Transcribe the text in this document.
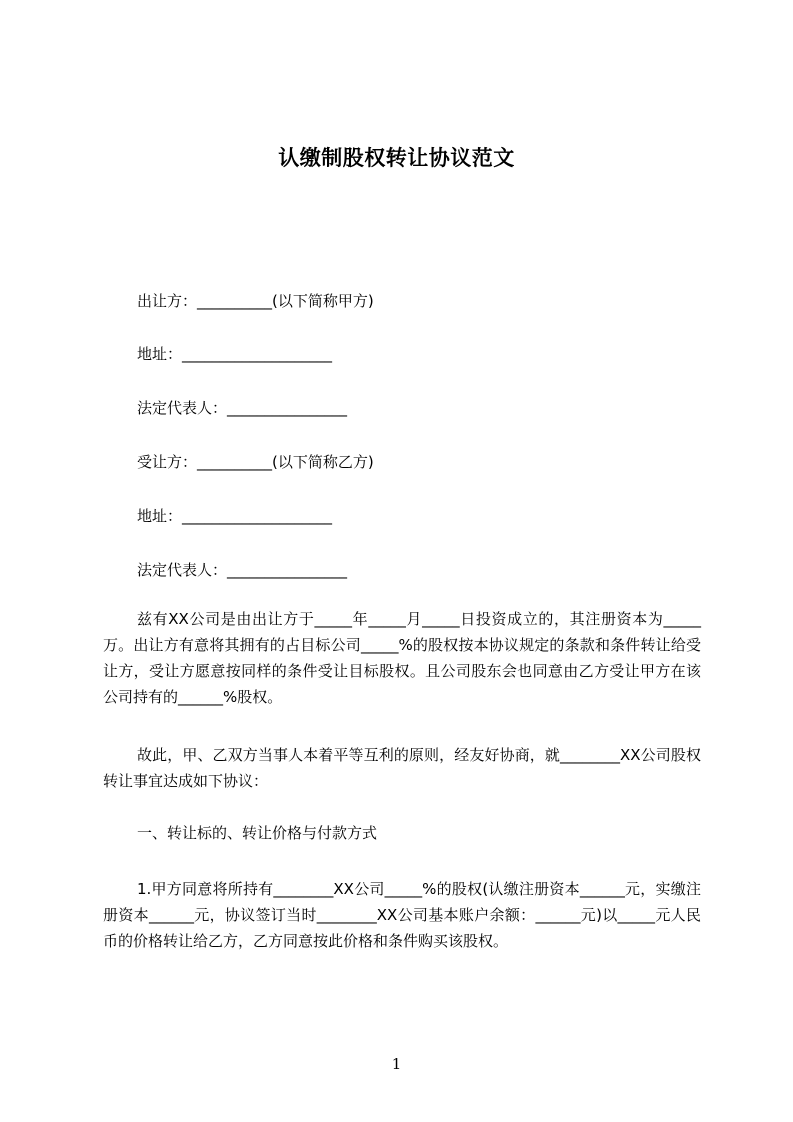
认缴制股权转让协议范文
出让方：__________(以下简称甲方)
地址：____________________
法定代表人：________________
受让方：__________(以下简称乙方)
地址：____________________
法定代表人：________________
兹有XX公司是由出让方于_____年_____月_____日投资成立的，其注册资本为_____万。出让方有意将其拥有的占目标公司_____%的股权按本协议规定的条款和条件转让给受让方，受让方愿意按同样的条件受让目标股权。且公司股东会也同意由乙方受让甲方在该公司持有的______%股权。
故此，甲、乙双方当事人本着平等互利的原则，经友好协商，就________XX公司股权转让事宜达成如下协议：
一、转让标的、转让价格与付款方式
1.甲方同意将所持有________XX公司_____%的股权(认缴注册资本______元，实缴注册资本______元，协议签订当时________XX公司基本账户余额：______元)以_____元人民币的价格转让给乙方，乙方同意按此价格和条件购买该股权。
1
